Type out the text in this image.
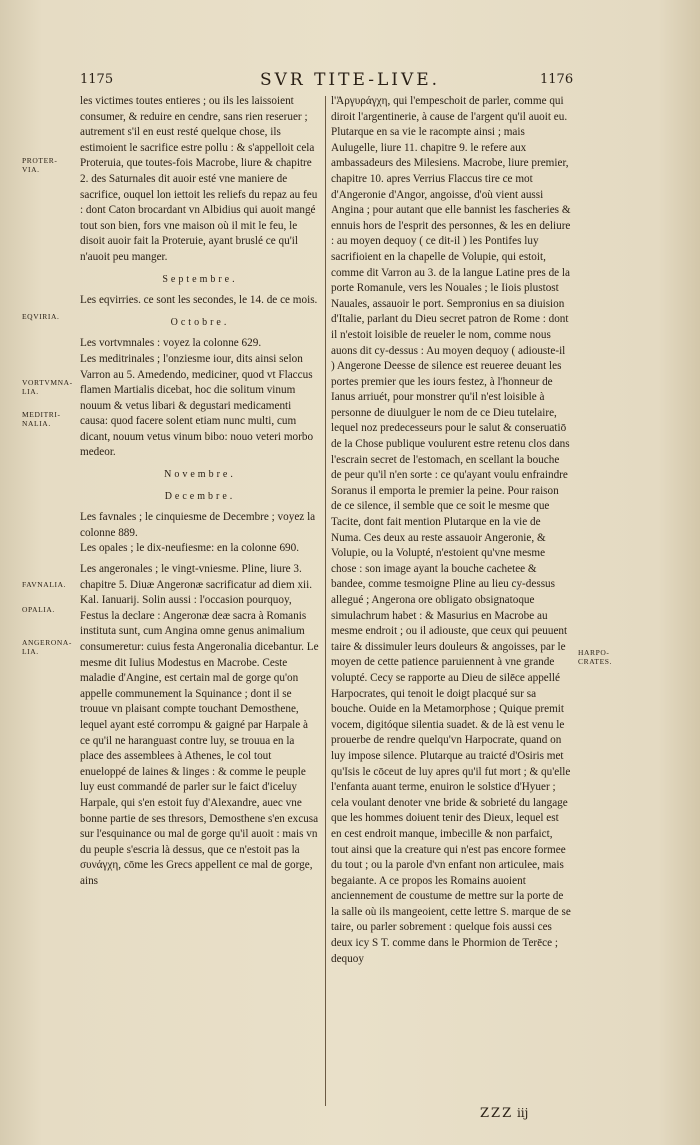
1175	SVR TITE-LIVE.	1176
PROTER-VIA.
EQVIRIA.
VORTVMNA-LIA.
MEDITRI-NALIA.
FAVNALIA.
OPALIA.
ANGERONA-LIA.	HARPO-CRATES.

les victimes toutes entieres ; ou ils les laissoient consumer, & reduire en cendre, sans rien reseruer ; autrement s'il en eust resté quelque chose, ils estimoient le sacrifice estre pollu : & s'appelloit cela Proteruia, que toutes-fois Macrobe, liure & chapitre 2. des Saturnales dit auoir esté vne maniere de sacrifice, ouquel lon iettoit les reliefs du repaz au feu : dont Caton brocardant vn Albidius qui auoit mangé tout son bien, fors vne maison où il mit le feu, le disoit auoir fait la Proteruie, ayant bruslé ce qu'il n'auoit peu manger.

Septembre.

Les eqvirries. ce sont les secondes, le 14. de ce mois.

Octobre.

Les vortvmnales : voyez la colonne 629.

Les meditrinales ; l'onziesme iour, dits ainsi selon Varron au 5. Amedendo, mediciner, quod vt Flaccus flamen Martialis dicebat, hoc die solitum vinum nouum & vetus libari & degustari medicamenti causa: quod facere solent etiam nunc multi, cum dicant, nouum vetus vinum bibo: nouo veteri morbo medeor.

Novembre.
Decembre.

Les favnales ; le cinquiesme de Decembre ; voyez la colonne 889.

Les opales ; le dix-neufiesme: en la colonne 690.

Les angeronales ; le vingt-vniesme. Pline, liure 3. chapitre 5. Diuæ Angeronæ sacrificatur ad diem xii. Kal. Ianuarij. Solin aussi : l'occasion pourquoy, Festus la declare : Angeronæ deæ sacra à Romanis instituta sunt, cum Angina omne genus animalium consumeretur: cuius festa Angeronalia dicebantur. Le mesme dit Iulius Modestus en Macrobe. Ceste maladie d'Angine, est certain mal de gorge qu'on appelle communement la Squinance ; dont il se trouue vn plaisant compte touchant Demosthene, lequel ayant esté corrompu & gaigné par Harpale à ce qu'il ne haranguast contre luy, se trouua en la place des assemblees à Athenes, le col tout enueloppé de laines & linges : & comme le peuple luy eust commandé de parler sur le faict d'iceluy Harpale, qui s'en estoit fuy d'Alexandre, auec vne bonne partie de ses thresors, Demosthene s'en excusa sur l'esquinance ou mal de gorge qu'il auoit : mais vn du peuple s'escria là dessus, que ce n'estoit pas la συνάγχη, cōme les Grecs appellent ce mal de gorge, ains

l'Ἀργυράγχη, qui l'empeschoit de parler, comme qui diroit l'argentinerie, à cause de l'argent qu'il auoit eu. Plutarque en sa vie le racompte ainsi ; mais Aulugelle, liure 11. chapitre 9. le refere aux ambassadeurs des Milesiens. Macrobe, liure premier, chapitre 10. apres Verrius Flaccus tire ce mot d'Angeronie d'Angor, angoisse, d'où vient aussi Angina ; pour autant que elle bannist les fascheries & ennuis hors de l'esprit des personnes, & les en deliure : au moyen dequoy ( ce dit-il ) les Pontifes luy sacrifioient en la chapelle de Volupie, qui estoit, comme dit Varron au 3. de la langue Latine pres de la porte Romanule, vers les Nouales ; le Iiois plustost Nauales, assauoir le port. Sempronius en sa diuision d'Italie, parlant du Dieu secret patron de Rome : dont il n'estoit loisible de reueler le nom, comme nous auons dit cy-dessus : Au moyen dequoy ( adiouste-il ) Angerone Deesse de silence est reueree deuant les portes premier que les iours festez, à l'honneur de Ianus arriuét, pour monstrer qu'il n'est loisible à personne de diuulguer le nom de ce Dieu tutelaire, lequel noz predecesseurs pour le salut & conseruatiō de la Chose publique voulurent estre retenu clos dans l'escrain secret de l'estomach, en scellant la bouche de peur qu'il n'en sorte : ce qu'ayant voulu enfraindre Soranus il emporta le premier la peine. Pour raison de ce silence, il semble que ce soit le mesme que Tacite, dont fait mention Plutarque en la vie de Numa. Ces deux au reste assauoir Angeronie, & Volupie, ou la Volupté, n'estoient qu'vne mesme chose : son image ayant la bouche cachetee & bandee, comme tesmoigne Pline au lieu cy-dessus allegué ; Angerona ore obligato obsignatoque simulachrum habet : & Masurius en Macrobe au mesme endroit ; ou il adiouste, que ceux qui peuuent taire & dissimuler leurs douleurs & angoisses, par le moyen de cette patience paruiennent à vne grande volupté. Cecy se rapporte au Dieu de silēce appellé Harpocrates, qui tenoit le doigt placqué sur sa bouche. Ouide en la Metamorphose ; Quique premit vocem, digitóque silentia suadet. & de là est venu le prouerbe de rendre quelqu'vn Harpocrate, quand on luy impose silence. Plutarque au traicté d'Osiris met qu'Isis le cōceut de luy apres qu'il fut mort ; & qu'elle l'enfanta auant terme, enuiron le solstice d'Hyuer ; cela voulant denoter vne bride & sobrieté du langage que les hommes doiuent tenir des Dieux, lequel est en cest endroit manque, imbecille & non parfaict, tout ainsi que la creature qui n'est pas encore formee du tout ; ou la parole d'vn enfant non articulee, mais begaiante. A ce propos les Romains auoient anciennement de coustume de mettre sur la porte de la salle où ils mangeoient, cette lettre S. marque de se taire, ou parler sobrement : quelque fois aussi ces deux icy S T. comme dans le Phormion de Terēce ; dequoy

ZZZ iij
